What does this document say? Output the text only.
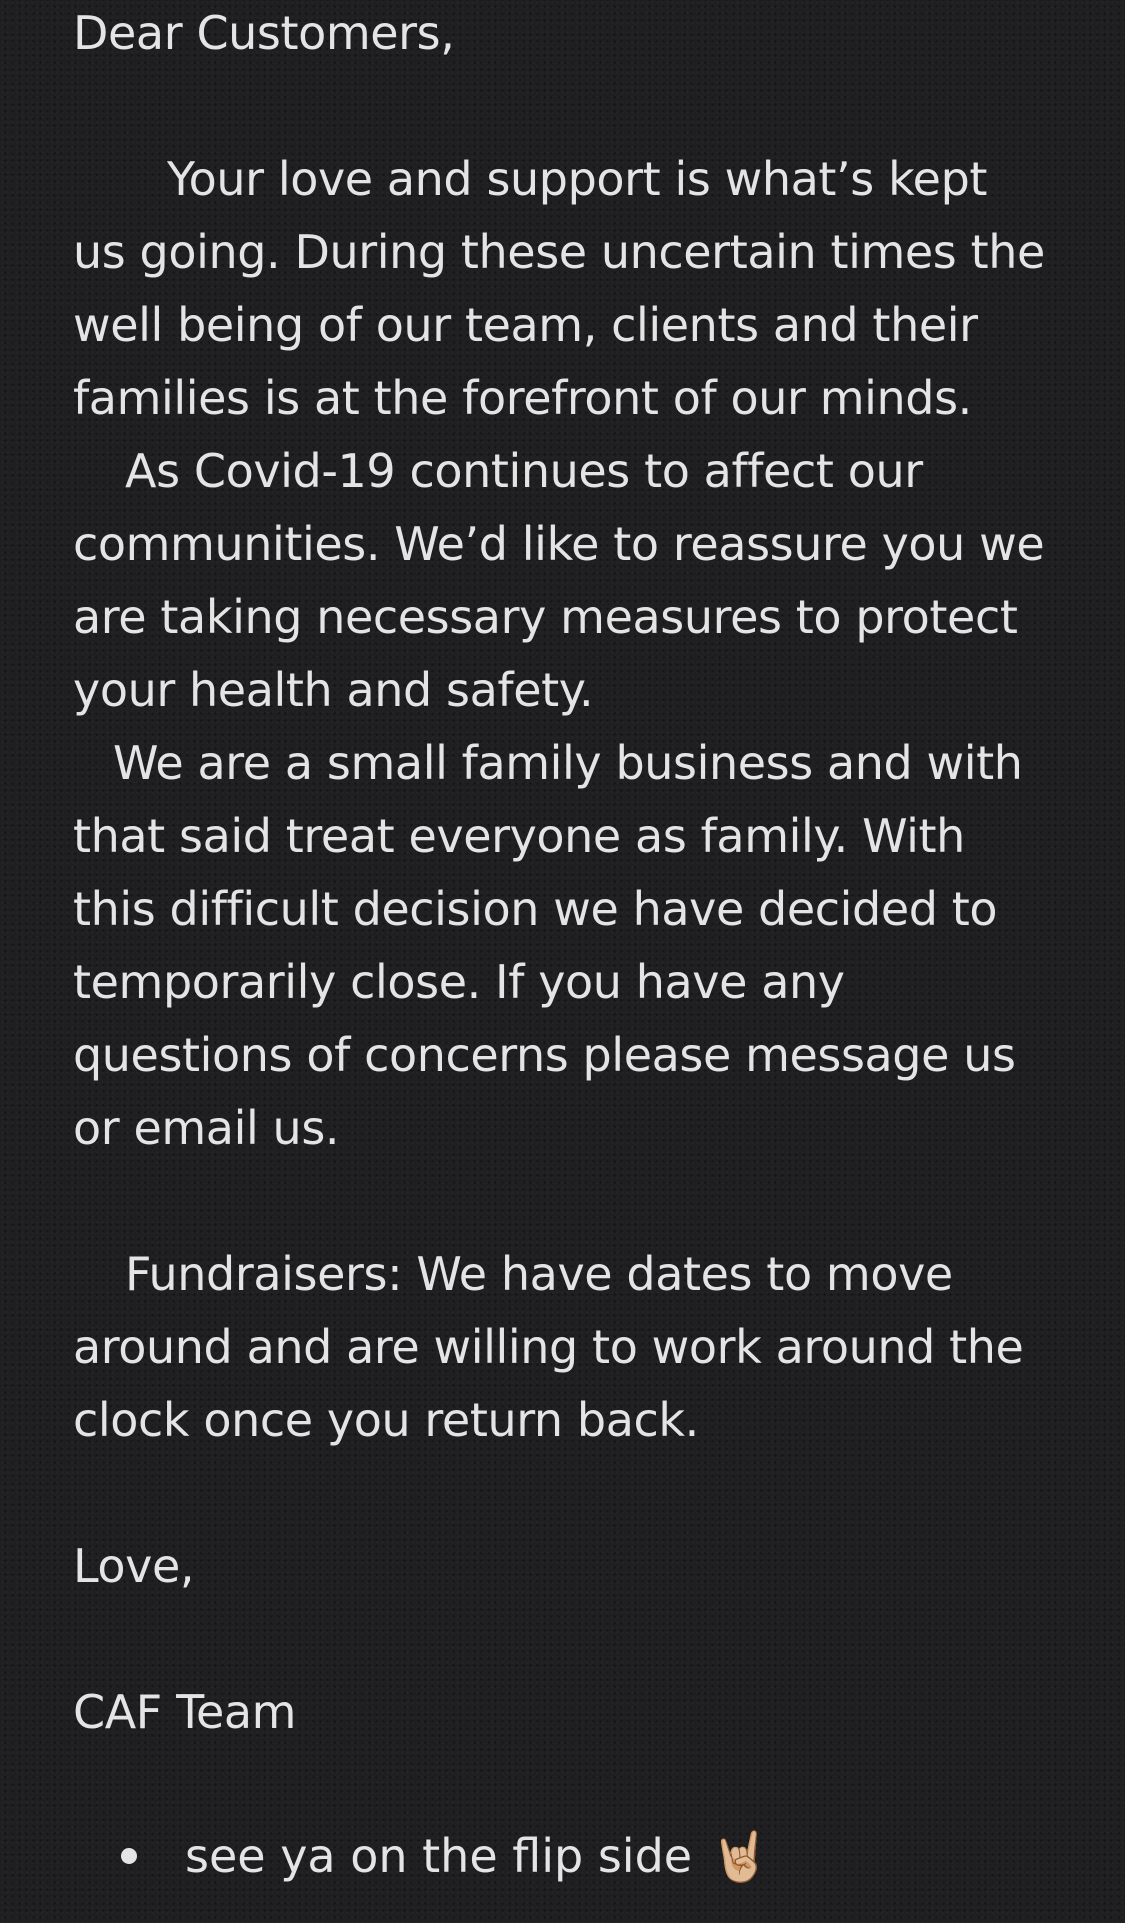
Dear Customers,
Your love and support is what’s kept
us going. During these uncertain times the
well being of our team, clients and their
families is at the forefront of our minds.
As Covid-19 continues to affect our
communities. We’d like to reassure you we
are taking necessary measures to protect
your health and safety.
We are a small family business and with
that said treat everyone as family. With
this difficult decision we have decided to
temporarily close. If you have any
questions of concerns please message us
or email us.
Fundraisers: We have dates to move
around and are willing to work around the
clock once you return back.
Love,
CAF Team
see ya on the flip side 🤘🏼
